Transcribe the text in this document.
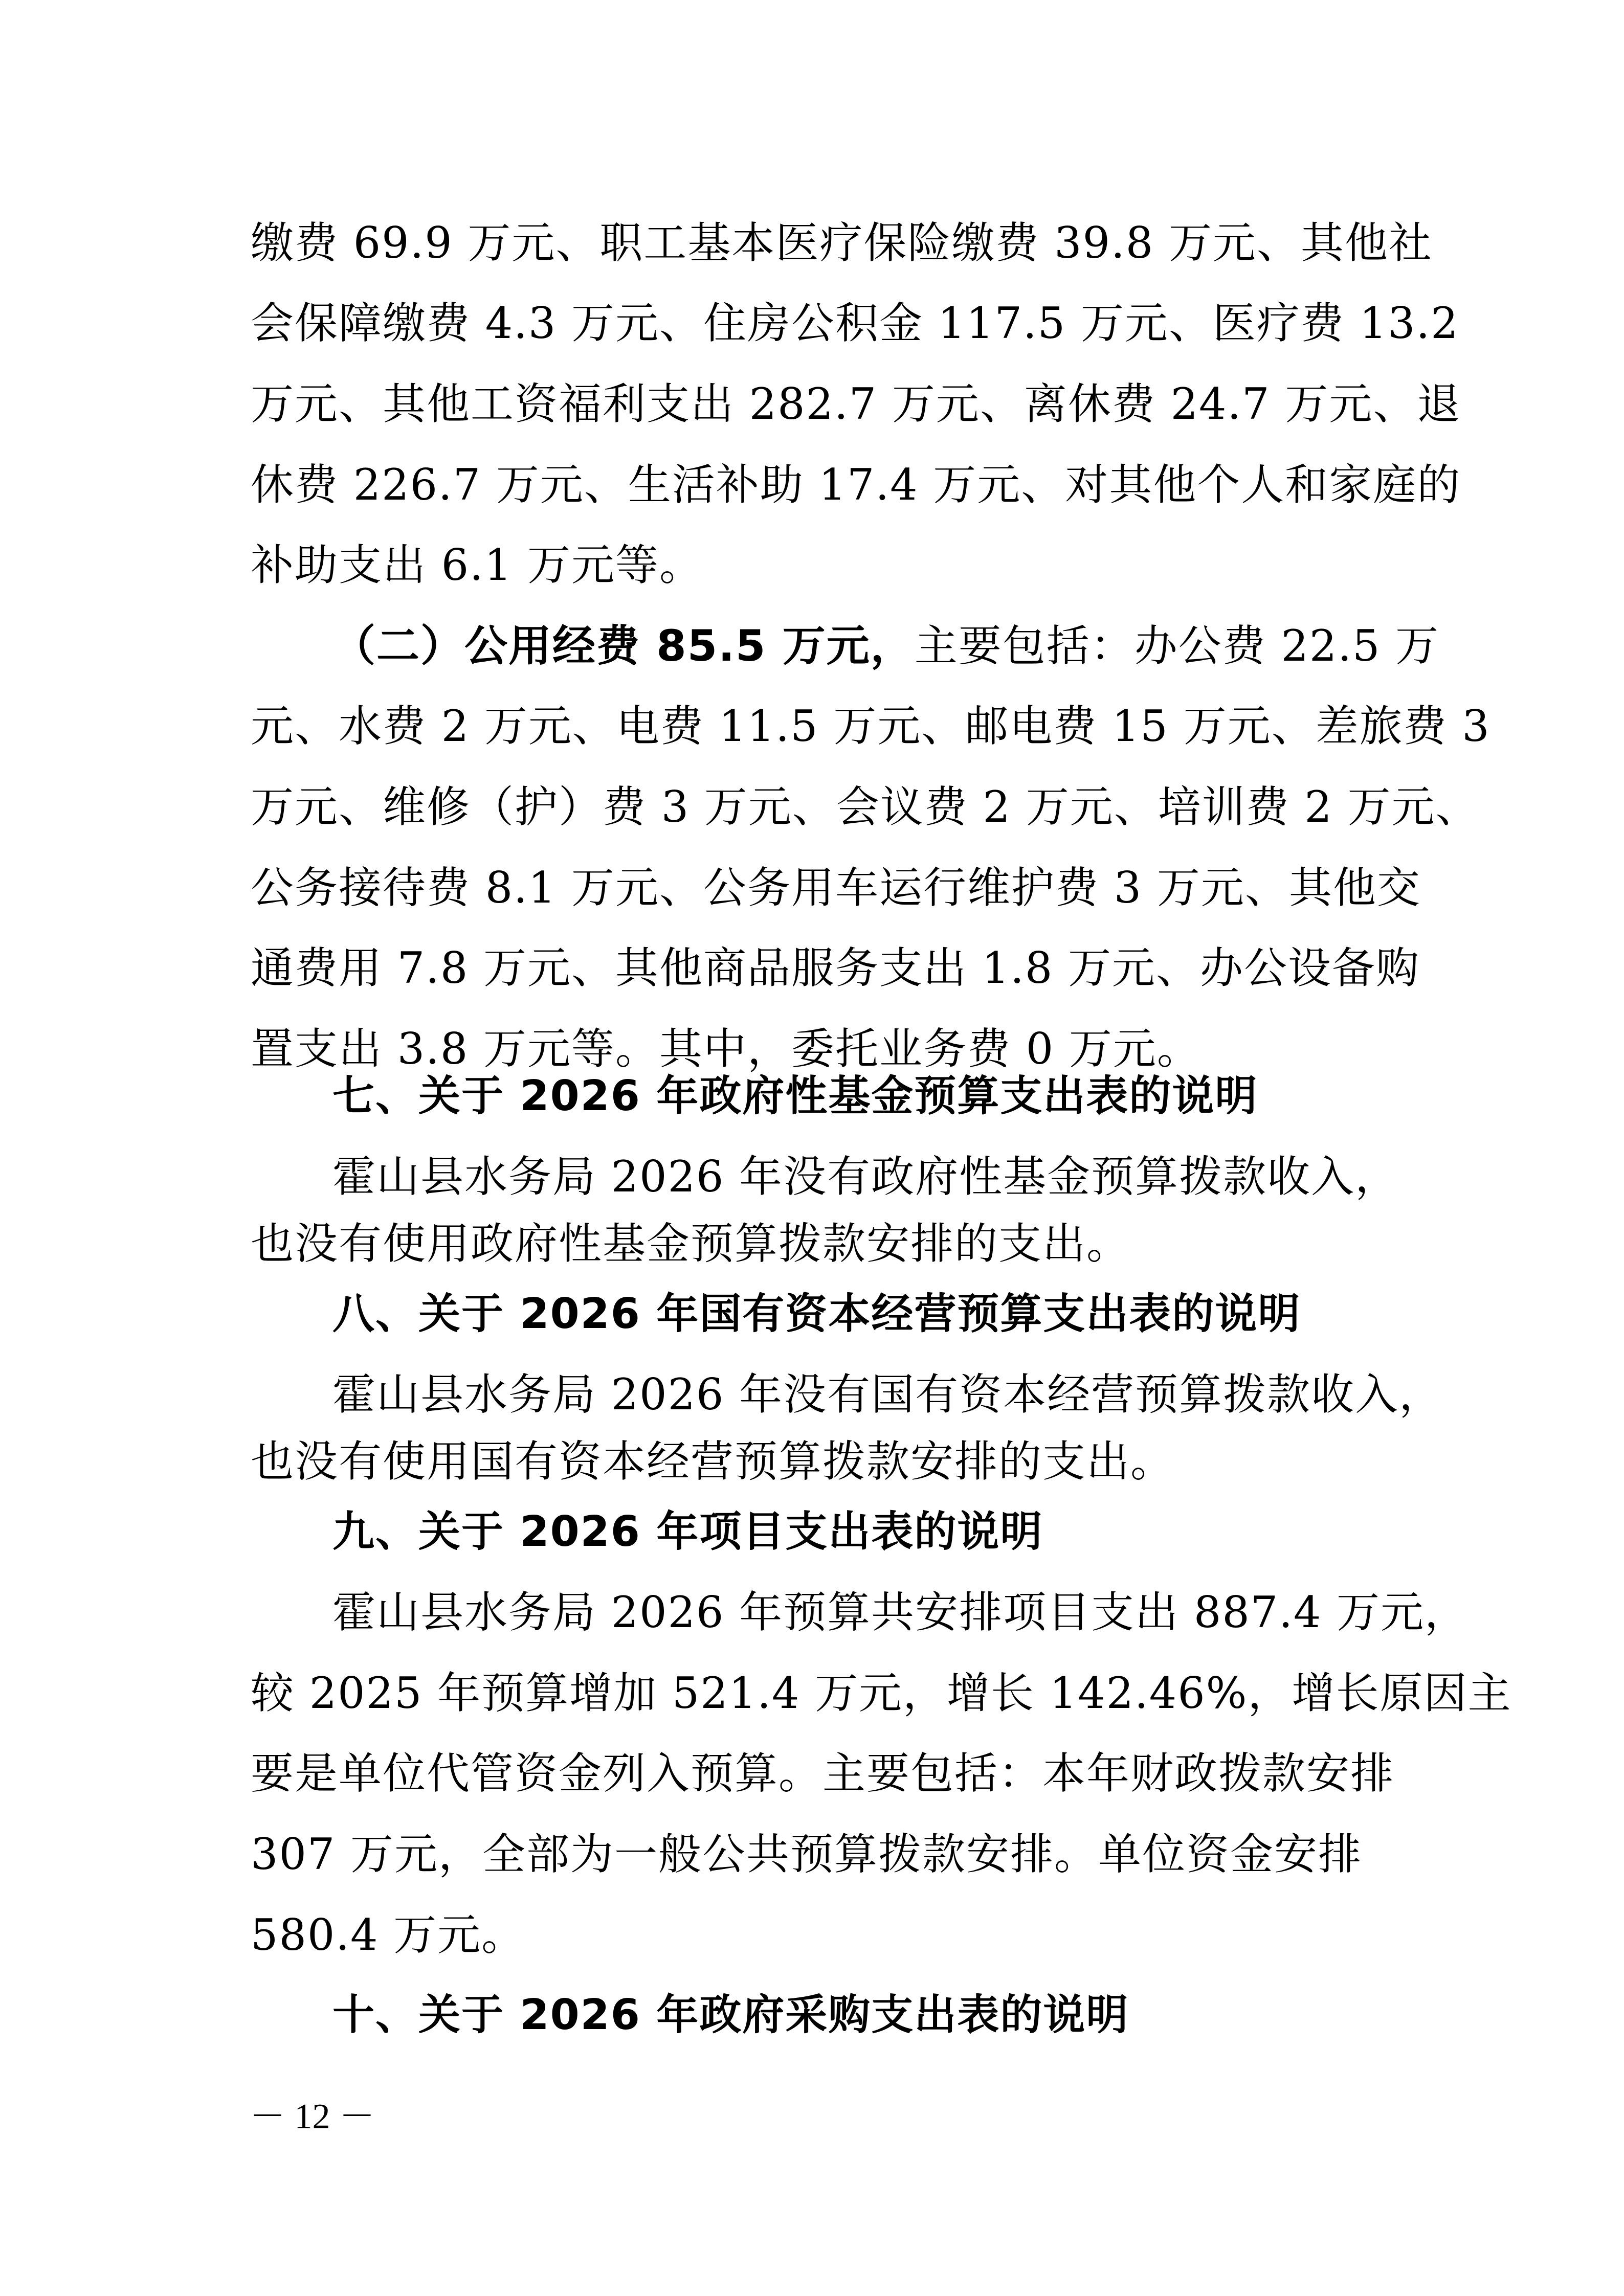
缴费 69.9 万元、职工基本医疗保险缴费 39.8 万元、其他社
会保障缴费 4.3 万元、住房公积金 117.5 万元、医疗费 13.2
万元、其他工资福利支出 282.7 万元、离休费 24.7 万元、退
休费 226.7 万元、生活补助 17.4 万元、对其他个人和家庭的
补助支出 6.1 万元等。
（二）公用经费 85.5 万元，主要包括：办公费 22.5 万
元、水费 2 万元、电费 11.5 万元、邮电费 15 万元、差旅费 3
万元、维修（护）费 3 万元、会议费 2 万元、培训费 2 万元、
公务接待费 8.1 万元、公务用车运行维护费 3 万元、其他交
通费用 7.8 万元、其他商品服务支出 1.8 万元、办公设备购
置支出 3.8 万元等。其中，委托业务费 0 万元。
七、关于 2026 年政府性基金预算支出表的说明
霍山县水务局 2026 年没有政府性基金预算拨款收入，
也没有使用政府性基金预算拨款安排的支出。
八、关于 2026 年国有资本经营预算支出表的说明
霍山县水务局 2026 年没有国有资本经营预算拨款收入，
也没有使用国有资本经营预算拨款安排的支出。
九、关于 2026 年项目支出表的说明
霍山县水务局 2026 年预算共安排项目支出 887.4 万元，
较 2025 年预算增加 521.4 万元，增长 142.46%，增长原因主
要是单位代管资金列入预算。主要包括：本年财政拨款安排
307 万元，全部为一般公共预算拨款安排。单位资金安排
580.4 万元。
十、关于 2026 年政府采购支出表的说明
－ 12 －
